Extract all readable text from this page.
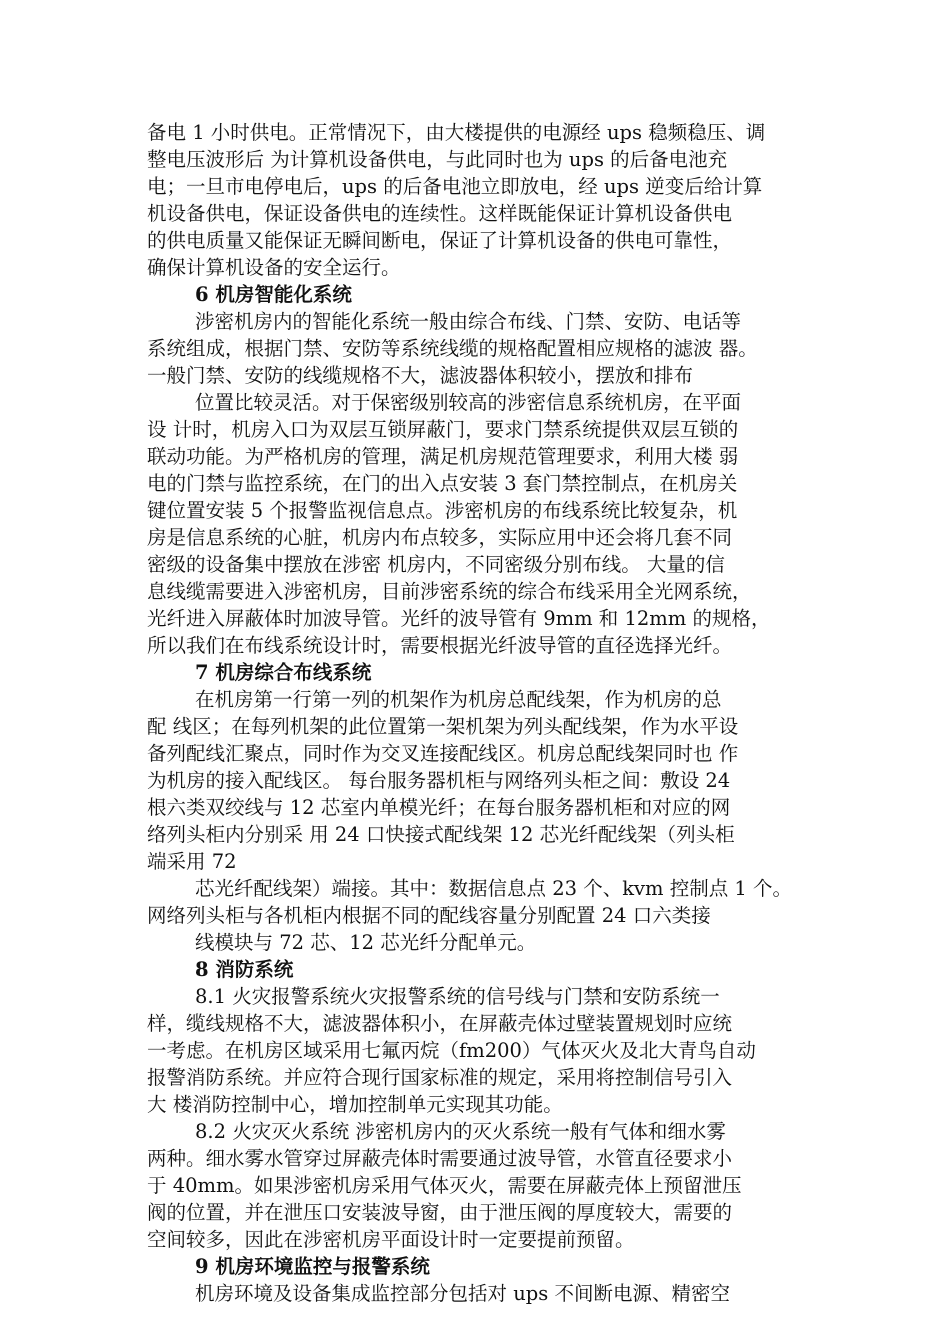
备电 1 小时供电。正常情况下，由大楼提供的电源经 ups 稳频稳压、调
整电压波形后 为计算机设备供电，与此同时也为 ups 的后备电池充
电；一旦市电停电后，ups 的后备电池立即放电，经 ups 逆变后给计算
机设备供电，保证设备供电的连续性。这样既能保证计算机设备供电
的供电质量又能保证无瞬间断电，保证了计算机设备的供电可靠性，
确保计算机设备的安全运行。
6 机房智能化系统
涉密机房内的智能化系统一般由综合布线、门禁、安防、电话等
系统组成，根据门禁、安防等系统线缆的规格配置相应规格的滤波 器。
一般门禁、安防的线缆规格不大，滤波器体积较小，摆放和排布
位置比较灵活。对于保密级别较高的涉密信息系统机房，在平面
设 计时，机房入口为双层互锁屏蔽门，要求门禁系统提供双层互锁的
联动功能。为严格机房的管理，满足机房规范管理要求，利用大楼 弱
电的门禁与监控系统，在门的出入点安装 3 套门禁控制点，在机房关
键位置安装 5 个报警监视信息点。涉密机房的布线系统比较复杂，机
房是信息系统的心脏，机房内布点较多，实际应用中还会将几套不同
密级的设备集中摆放在涉密 机房内，不同密级分别布线。 大量的信
息线缆需要进入涉密机房，目前涉密系统的综合布线采用全光网系统，
光纤进入屏蔽体时加波导管。光纤的波导管有 9mm 和 12mm 的规格，
所以我们在布线系统设计时，需要根据光纤波导管的直径选择光纤。
7 机房综合布线系统
在机房第一行第一列的机架作为机房总配线架，作为机房的总
配 线区；在每列机架的此位置第一架机架为列头配线架，作为水平设
备列配线汇聚点，同时作为交叉连接配线区。机房总配线架同时也 作
为机房的接入配线区。 每台服务器机柜与网络列头柜之间：敷设 24
根六类双绞线与 12 芯室内单模光纤；在每台服务器机柜和对应的网
络列头柜内分别采 用 24 口快接式配线架 12 芯光纤配线架（列头柜
端采用 72
芯光纤配线架）端接。其中：数据信息点 23 个、kvm 控制点 1 个。
网络列头柜与各机柜内根据不同的配线容量分别配置 24 口六类接
线模块与 72 芯、12 芯光纤分配单元。
8 消防系统
8.1 火灾报警系统火灾报警系统的信号线与门禁和安防系统一
样，缆线规格不大，滤波器体积小，在屏蔽壳体过壁装置规划时应统
一考虑。在机房区域采用七氟丙烷（fm200）气体灭火及北大青鸟自动
报警消防系统。并应符合现行国家标准的规定，采用将控制信号引入
大 楼消防控制中心，增加控制单元实现其功能。
8.2 火灾灭火系统 涉密机房内的灭火系统一般有气体和细水雾
两种。细水雾水管穿过屏蔽壳体时需要通过波导管，水管直径要求小
于 40mm。如果涉密机房采用气体灭火，需要在屏蔽壳体上预留泄压
阀的位置，并在泄压口安装波导窗，由于泄压阀的厚度较大，需要的
空间较多，因此在涉密机房平面设计时一定要提前预留。
9 机房环境监控与报警系统
机房环境及设备集成监控部分包括对 ups 不间断电源、精密空
